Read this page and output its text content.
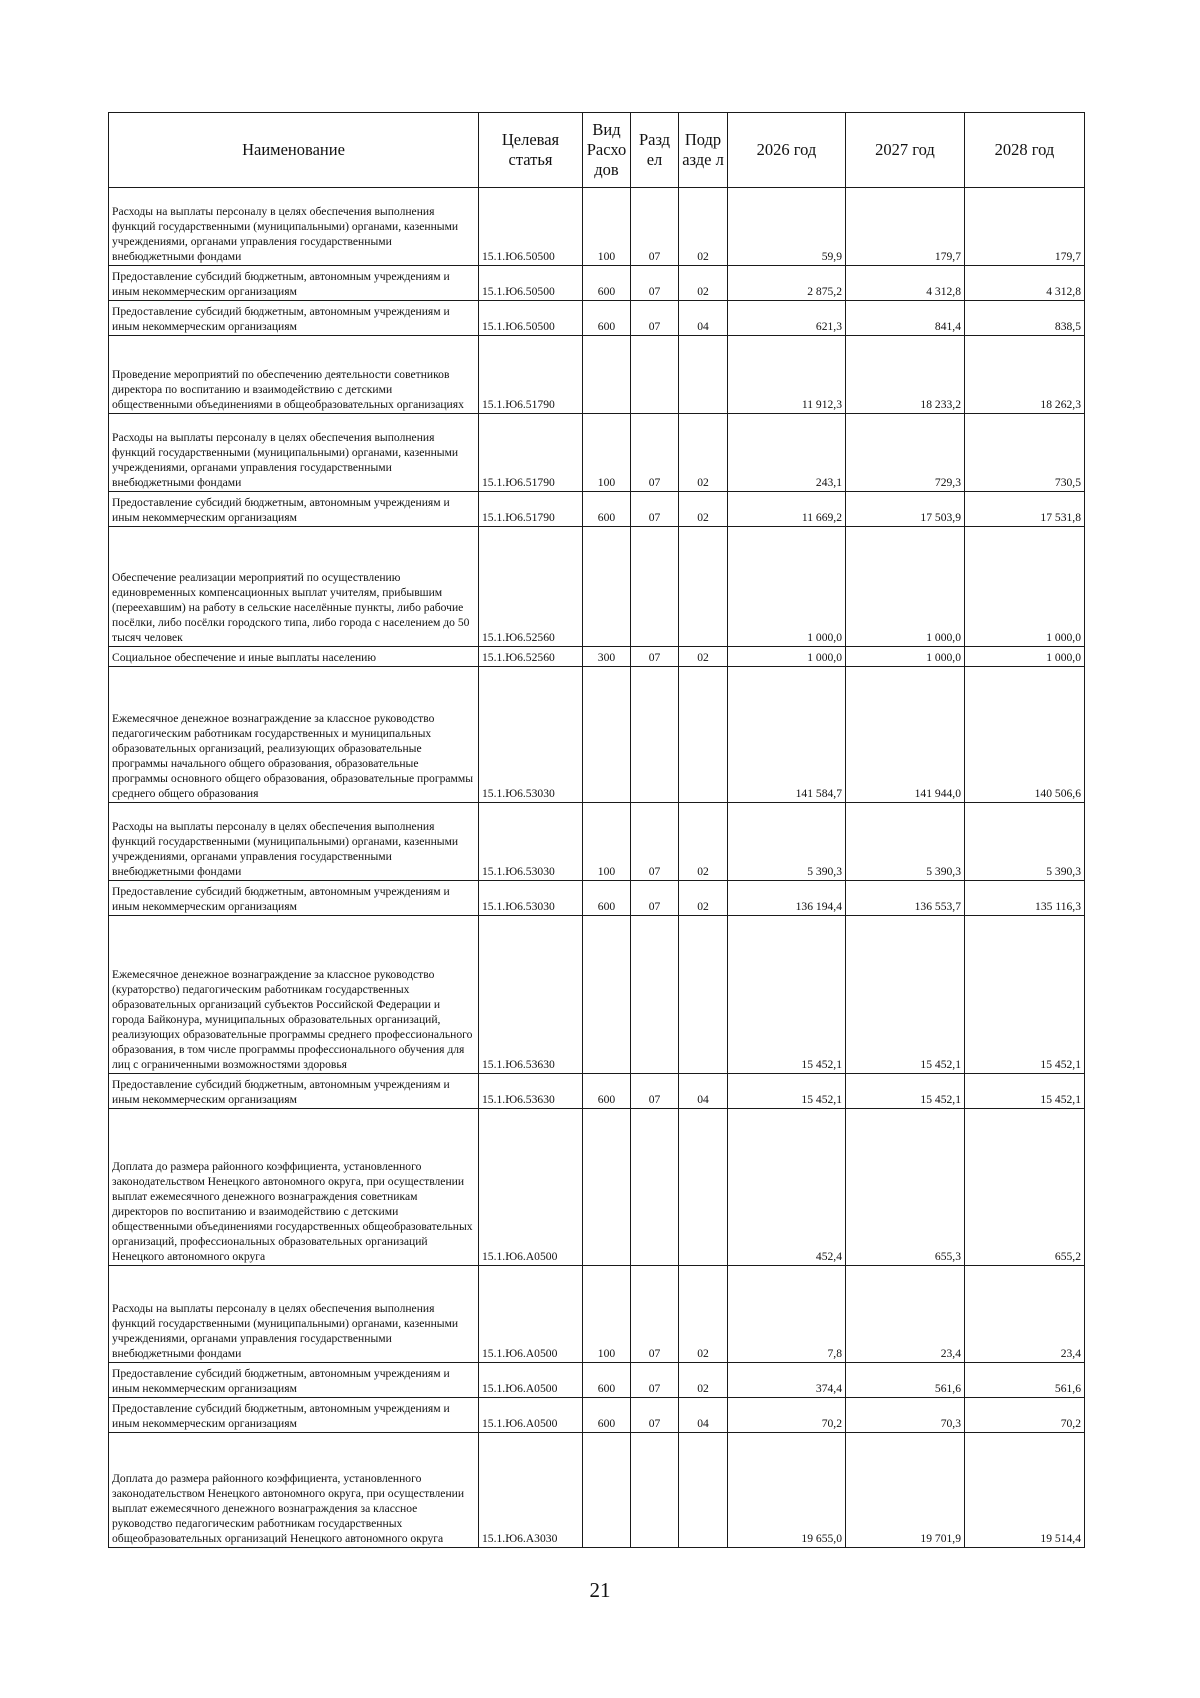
Наименование	Целевая статья	Вид Расхо дов	Разд ел	Подр азде л	2026 год	2027 год	2028 год
Расходы на выплаты персоналу в целях обеспечения выполнения функций государственными (муниципальными) органами, казенными учреждениями, органами управления государственными внебюджетными фондами	15.1.Ю6.50500	100	07	02	59,9	179,7	179,7
Предоставление субсидий бюджетным, автономным учреждениям и иным некоммерческим организациям	15.1.Ю6.50500	600	07	02	2 875,2	4 312,8	4 312,8
Предоставление субсидий бюджетным, автономным учреждениям и иным некоммерческим организациям	15.1.Ю6.50500	600	07	04	621,3	841,4	838,5
Проведение мероприятий по обеспечению деятельности советников директора по воспитанию и взаимодействию с детскими общественными объединениями в общеобразовательных организациях	15.1.Ю6.51790				11 912,3	18 233,2	18 262,3
Расходы на выплаты персоналу в целях обеспечения выполнения функций государственными (муниципальными) органами, казенными учреждениями, органами управления государственными внебюджетными фондами	15.1.Ю6.51790	100	07	02	243,1	729,3	730,5
Предоставление субсидий бюджетным, автономным учреждениям и иным некоммерческим организациям	15.1.Ю6.51790	600	07	02	11 669,2	17 503,9	17 531,8
Обеспечение реализации мероприятий по осуществлению единовременных компенсационных выплат учителям, прибывшим (переехавшим) на работу в сельские населённые пункты, либо рабочие посёлки, либо посёлки городского типа, либо города с населением до 50 тысяч человек	15.1.Ю6.52560				1 000,0	1 000,0	1 000,0
Социальное обеспечение и иные выплаты населению	15.1.Ю6.52560	300	07	02	1 000,0	1 000,0	1 000,0
Ежемесячное денежное вознаграждение за классное руководство педагогическим работникам государственных и муниципальных образовательных организаций, реализующих образовательные программы начального общего образования, образовательные программы основного общего образования, образовательные программы среднего общего образования	15.1.Ю6.53030				141 584,7	141 944,0	140 506,6
Расходы на выплаты персоналу в целях обеспечения выполнения функций государственными (муниципальными) органами, казенными учреждениями, органами управления государственными внебюджетными фондами	15.1.Ю6.53030	100	07	02	5 390,3	5 390,3	5 390,3
Предоставление субсидий бюджетным, автономным учреждениям и иным некоммерческим организациям	15.1.Ю6.53030	600	07	02	136 194,4	136 553,7	135 116,3
Ежемесячное денежное вознаграждение за классное руководство (кураторство) педагогическим работникам государственных образовательных организаций субъектов Российской Федерации и города Байконура, муниципальных образовательных организаций, реализующих образовательные программы среднего профессионального образования, в том числе программы профессионального обучения для лиц с ограниченными возможностями здоровья	15.1.Ю6.53630				15 452,1	15 452,1	15 452,1
Предоставление субсидий бюджетным, автономным учреждениям и иным некоммерческим организациям	15.1.Ю6.53630	600	07	04	15 452,1	15 452,1	15 452,1
Доплата до размера районного коэффициента, установленного законодательством Ненецкого автономного округа, при осуществлении выплат ежемесячного денежного вознаграждения советникам директоров по воспитанию и взаимодействию с детскими общественными объединениями государственных общеобразовательных организаций, профессиональных образовательных организаций Ненецкого автономного округа	15.1.Ю6.А0500				452,4	655,3	655,2
Расходы на выплаты персоналу в целях обеспечения выполнения функций государственными (муниципальными) органами, казенными учреждениями, органами управления государственными внебюджетными фондами	15.1.Ю6.А0500	100	07	02	7,8	23,4	23,4
Предоставление субсидий бюджетным, автономным учреждениям и иным некоммерческим организациям	15.1.Ю6.А0500	600	07	02	374,4	561,6	561,6
Предоставление субсидий бюджетным, автономным учреждениям и иным некоммерческим организациям	15.1.Ю6.А0500	600	07	04	70,2	70,3	70,2
Доплата до размера районного коэффициента, установленного законодательством Ненецкого автономного округа, при осуществлении выплат ежемесячного денежного вознаграждения за классное руководство педагогическим работникам государственных общеобразовательных организаций Ненецкого автономного округа	15.1.Ю6.А3030				19 655,0	19 701,9	19 514,4
21
